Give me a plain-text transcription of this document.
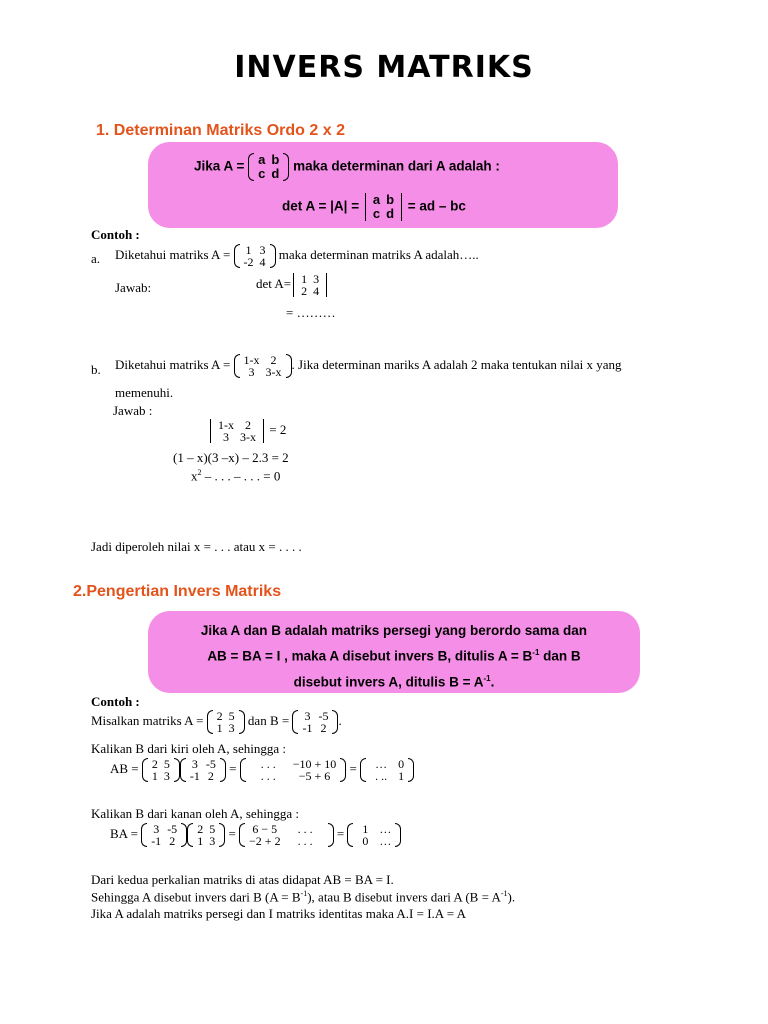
INVERS MATRIKS
1. Determinan Matriks Ordo 2 x 2
Jika A = a	b
c	d maka determinan dari A adalah :
det A = |A| = a	b
c	d = ad – bc
Contoh :
a. Diketahui matriks A = 1	3
-2	4
maka determinan matriks A adalah…..
Jawab:	det A= 1	3
2	4
= ………
b. Diketahui matriks A = 1-x	2
3	3-x
. Jika determinan mariks A adalah 2 maka tentukan nilai x yang
memenuhi.
Jawab :
1-x	2
3	3-x
= 2
(1 – x)(3 –x) – 2.3 = 2
$x^2$ – . . . – . . . = 0
Jadi diperoleh nilai x = . . . atau x = . . . .
2.Pengertian Invers Matriks
Jika A dan B adalah matriks persegi yang berordo sama dan
AB = BA = I , maka A disebut invers B, ditulis $A = B^{-1}$ dan B
disebut invers A, ditulis $B = A^{-1}$.
Contoh :
Misalkan matriks A = 2	5
1	3
dan B = 3	-5
-1	2
.
Kalikan B dari kiri oleh A, sehingga :
AB = 2	5
1	3
3	-5
-1	2
= . . .	−10 + 10
. . .	−5 + 6
= …	0
. ..	1
Kalikan B dari kanan oleh A, sehingga :
BA = 3	-5
-1	2
2	5
1	3
= 6 − 5	. . .
−2 + 2	. . .
= 1	…
0	…
Dari kedua perkalian matriks di atas didapat AB = BA = I.
Sehingga A disebut invers dari B $(A = B^{-1})$, atau B disebut invers dari A $(B = A^{-1})$.
Jika A adalah matriks persegi dan I matriks identitas maka A.I = I.A = A
